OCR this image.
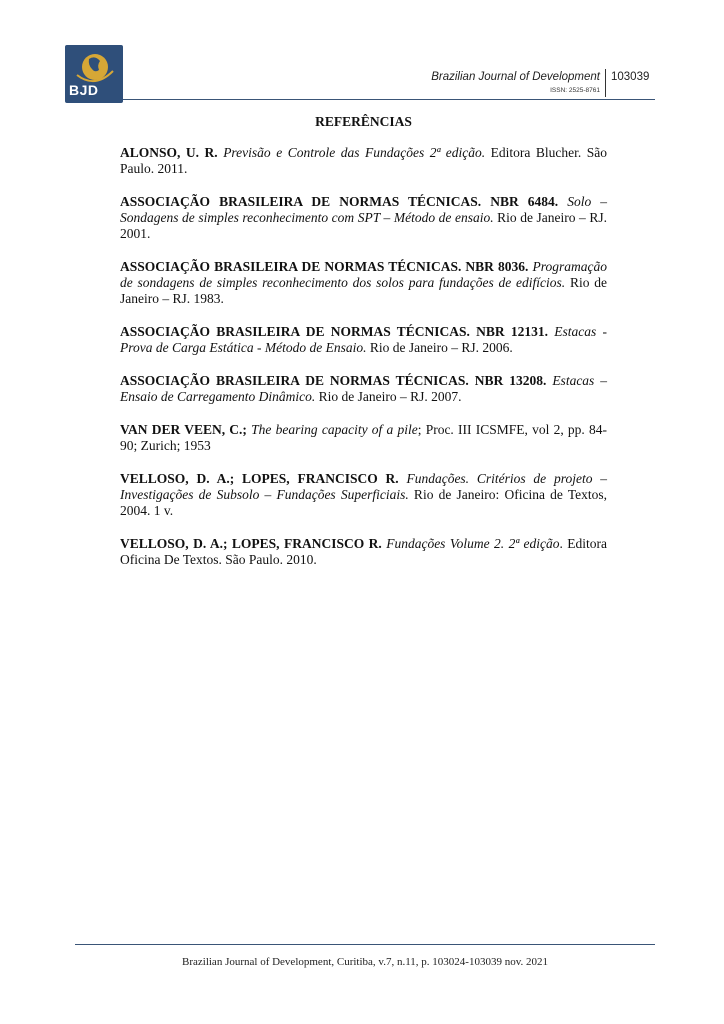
BJD
Brazilian Journal of Development
ISSN: 2525-8761
103039
REFERÊNCIAS

ALONSO, U. R. Previsão e Controle das Fundações 2ª edição. Editora Blucher. São Paulo. 2011.

ASSOCIAÇÃO BRASILEIRA DE NORMAS TÉCNICAS. NBR 6484. Solo – Sondagens de simples reconhecimento com SPT – Método de ensaio. Rio de Janeiro – RJ. 2001.

ASSOCIAÇÃO BRASILEIRA DE NORMAS TÉCNICAS. NBR 8036. Programação de sondagens de simples reconhecimento dos solos para fundações de edifícios. Rio de Janeiro – RJ. 1983.

ASSOCIAÇÃO BRASILEIRA DE NORMAS TÉCNICAS. NBR 12131. Estacas - Prova de Carga Estática - Método de Ensaio. Rio de Janeiro – RJ. 2006.

ASSOCIAÇÃO BRASILEIRA DE NORMAS TÉCNICAS. NBR 13208. Estacas – Ensaio de Carregamento Dinâmico. Rio de Janeiro – RJ. 2007.

VAN DER VEEN, C.; The bearing capacity of a pile; Proc. III ICSMFE, vol 2, pp. 84-90; Zurich; 1953

VELLOSO, D. A.; LOPES, FRANCISCO R. Fundações. Critérios de projeto – Investigações de Subsolo – Fundações Superficiais. Rio de Janeiro: Oficina de Textos, 2004. 1 v.

VELLOSO, D. A.; LOPES, FRANCISCO R. Fundações Volume 2. 2ª edição. Editora Oficina De Textos. São Paulo. 2010.

Brazilian Journal of Development, Curitiba, v.7, n.11, p. 103024-103039 nov. 2021
